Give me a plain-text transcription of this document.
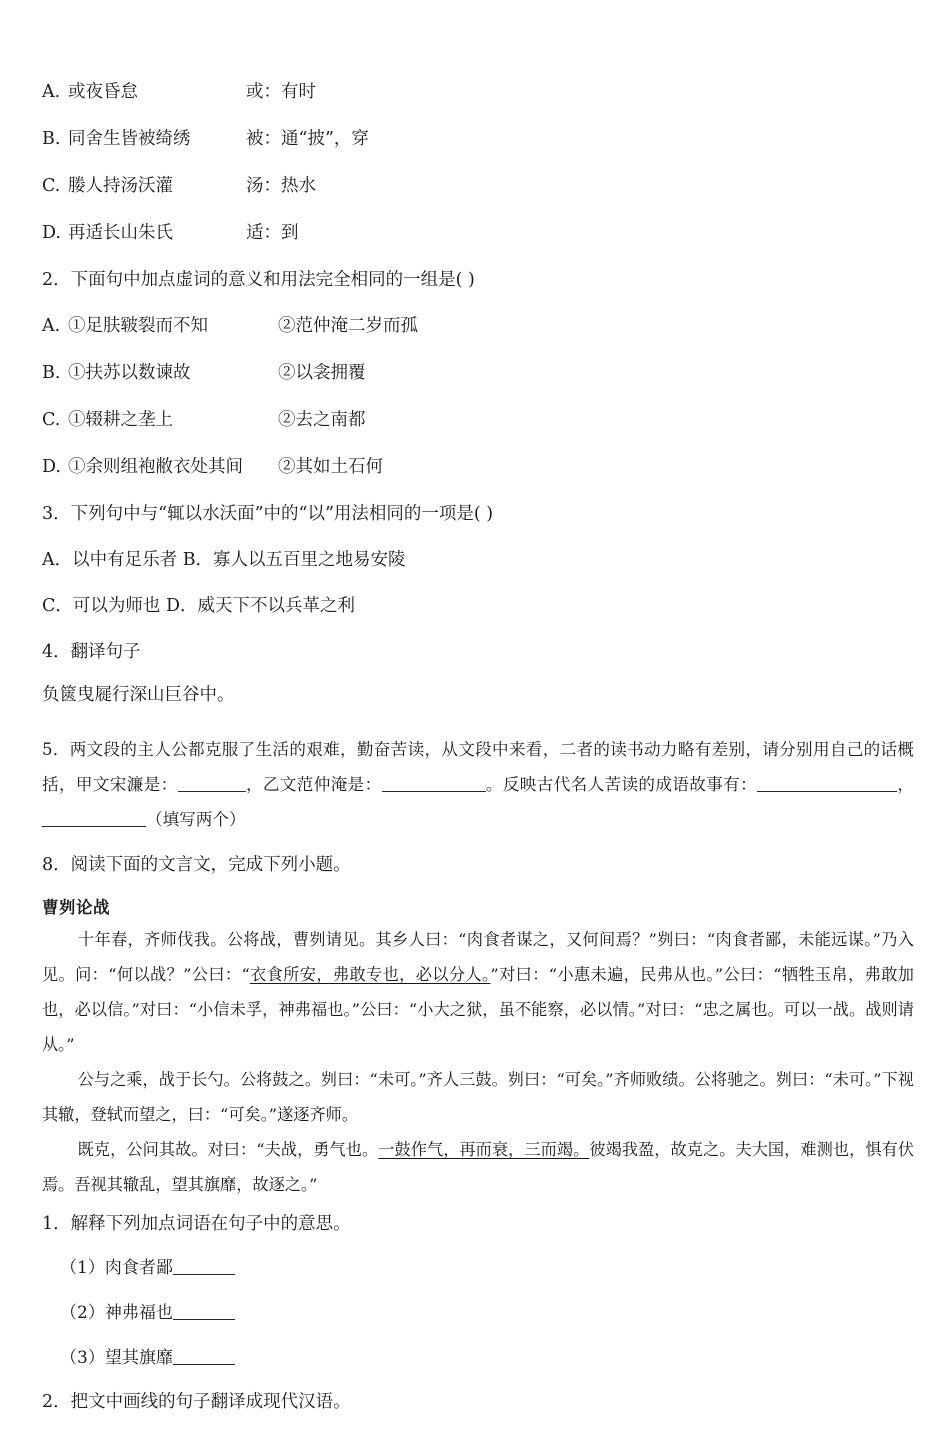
A. 或夜昏怠	或：有时
B. 同舍生皆被绮绣	被：通“披”，穿
C. 媵人持汤沃灌	汤：热水
D. 再适长山朱氏	适：到
2．下面句中加点虚词的意义和用法完全相同的一组是( )
A. ①足肤皲裂而不知	②范仲淹二岁而孤
B. ①扶苏以数谏故	②以衾拥覆
C. ①辍耕之垄上	②去之南都
D. ①余则组袍敝衣处其间	②其如土石何
3．下列句中与“辄以水沃面”中的“以”用法相同的一项是( )
A．以中有足乐者 B．寡人以五百里之地易安陵
C．可以为师也 D．威天下不以兵革之利
4．翻译句子
负篋曳屣行深山巨谷中。
5．两文段的主人公都克服了生活的艰难，勤奋苦读，从文段中来看，二者的读书动力略有差别，请分别用自己的话概括，甲文宋濂是：	，乙文范仲淹是：	。反映古代名人苦读的成语故事有：	，（填写两个）
8．阅读下面的文言文，完成下列小题。
曹刿论战
十年春，齐师伐我。公将战，曹刿请见。其乡人曰：“肉食者谋之，又何间焉？”刿曰：“肉食者鄙，未能远谋。”乃入见。问：“何以战？”公曰：“衣食所安，弗敢专也，必以分人。”对曰：“小惠未遍，民弗从也。”公曰：“牺牲玉帛，弗敢加也，必以信。”对曰：“小信未孚，神弗福也。”公曰：“小大之狱，虽不能察，必以情。”对曰：“忠之属也。可以一战。战则请从。”
公与之乘，战于长勺。公将鼓之。刿曰：“未可。”齐人三鼓。刿曰：“可矣。”齐师败绩。公将驰之。刿曰：“未可。”下视其辙，登轼而望之，曰：“可矣。”遂逐齐师。
既克，公问其故。对曰：“夫战，勇气也。一鼓作气，再而衰，三而竭。彼竭我盈，故克之。夫大国，难测也，惧有伏焉。吾视其辙乱，望其旗靡，故逐之。”
1．解释下列加点词语在句子中的意思。
（1）肉食者鄙
（2）神弗福也
（3）望其旗靡
2．把文中画线的句子翻译成现代汉语。
